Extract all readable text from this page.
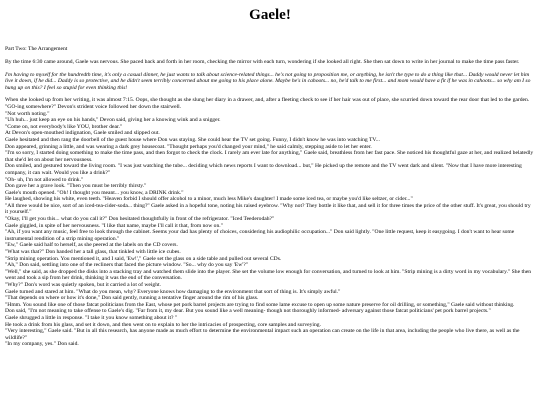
Gaele!
Part Two: The Arrangement
By the time 6:30 came around, Gaele was nervous. She paced back and forth in her room, checking the mirror with each turn, wondering if she looked all right. She then sat down to write in her journal to make the time pass faster.
I'm having to myself for the hundredth time, it's only a casual dinner, he just wants to talk about science-related things... he's not going to proposition me, or anything, he isn't the type to do a thing like that... Daddy would never let him live it down, if he did... Daddy is so protective, and he didn't seem terribly concerned about me going to his place alone. Maybe he's in cahoots... no, he'd talk to me first... and mom would have a fit if he was in cahoots... so why am I so hung up on this? I feel so stupid for even thinking this!
When she looked up from her writing, it was almost 7:15. Oops, she thought as she slung her diary in a drawer, and, after a fleeting check to see if her hair was out of place, she scurried down toward the rear door that led to the garden.
"GO-ing somewhere?" Devon's strident voice followed her down the stairwell.
"Not worth noting."
"Uh huh... just keep an eye on his hands," Devon said, giving her a knowing wink and a snigger.
"Come on, not everybody's like YOU, brother dear."
At Devon's open-mouthed indignation, Gaele smiled and slipped out.
Gaele hesitated and then rang the doorbell of the guest house where Don was staying. She could hear the TV set going. Funny, I didn't know he was into watching TV...
Don appeared, grinning a little, and was wearing a dark grey housecoat. "Thought perhaps you'd changed your mind," he said calmly, stepping aside to let her enter.
"I'm so sorry, I started doing something to make the time pass, and then forgot to check the clock. I rarely am ever late for anything," Gaele said, breathless from her fast pace. She noticed his thoughtful gaze at her, and realized belatedly that she'd let on about her nervousness.
Don smiled, and gestured toward the living room. "I was just watching the tube... deciding which news reports I want to download... but," He picked up the remote and the TV went dark and silent. "Now that I have more interesting company, it can wait. Would you like a drink?"
"Oh- uh, I'm not allowed to drink."
Don gave her a grave look. "Then you must be terribly thirsty."
Gaele's mouth opened. "Oh! I thought you meant... you know, a DRINK drink."
He laughed, showing his white, even teeth. "Heaven forbid I should offer alcohol to a minor, much less Mike's daughter! I made some iced tea, or maybe you'd like seltzer, or cider..."
"All three would be nice, sort of an iced-tea-cider-soda... thing?" Gaele asked in a hopeful tone, noting his raised eyebrow. "Why not? They bottle it like that, and sell it for three times the price of the other stuff. It's great, you should try it yourself."
"Okay, I'll get you this... what do you call it?" Don hesitated thoughtfully in front of the refrigerator. "Iced Teederodah?"
Gaele giggled, in spite of her nervousness. "I like that name, maybe I'll call it that, from now on."
"Ah, if you want any music, feel free to look through the cabinet. Seems your dad has plenty of choices, considering his audiophilic occupation..." Don said lightly. "One little request, keep it easygoing. I don't want to hear some instrumental rendition of a strip mining operation."
"Ew," Gaele said half to herself, as she peered at the labels on the CD covers.
"What was that?" Don handed her a tall glass, that tinkled with little ice cubes.
"Strip mining operation. You mentioned it, and I said, 'Ew!'," Gaele set the glass on a side table and pulled out several CDs.
"Ah," Don said, settling into one of the recliners that faced the picture window. "So... why do you say 'Ew'?"
"Well," she said, as she dropped the disks into a stacking tray and watched them slide into the player. She set the volume low enough for conversation, and turned to look at him. "Strip mining is a dirty word in my vocabulary." She then went and took a sip from her drink, thinking it was the end of the conversation.
"Why?" Don's word was quietly spoken, but it carried a lot of weight.
Gaele turned and stared at him. "What do you mean, why? Everyone knows how damaging to the environment that sort of thing is. It's simply awful."
"That depends on where or how it's done," Don said gently, running a tentative finger around the rim of his glass.
"Hmm. You sound like one of those fatcat politicians from the East, whose pet pork barrel projects are trying to find some lame excuse to open up some nature preserve for oil drilling, or something," Gaele said without thinking.
Don said, "I'm not meaning to take offense to Gaele's dig. "Far from it, my dear. But you sound like a well meaning- though not thoroughly informed- adversary against those fatcat politicians' pet pork barrel projects."
Gaele shrugged a little in response. "I take it you know something about it? "
He took a drink from his glass, and set it down, and then went on to explain to her the intricacies of prospecting, core samples and surveying.
"Very interesting," Gaele said. "But in all this research, has anyone made as much effort to determine the environmental impact such an operation can create on the life in that area, including the people who live there, as well as the wildlife?"
"In my company, yes." Don said.
